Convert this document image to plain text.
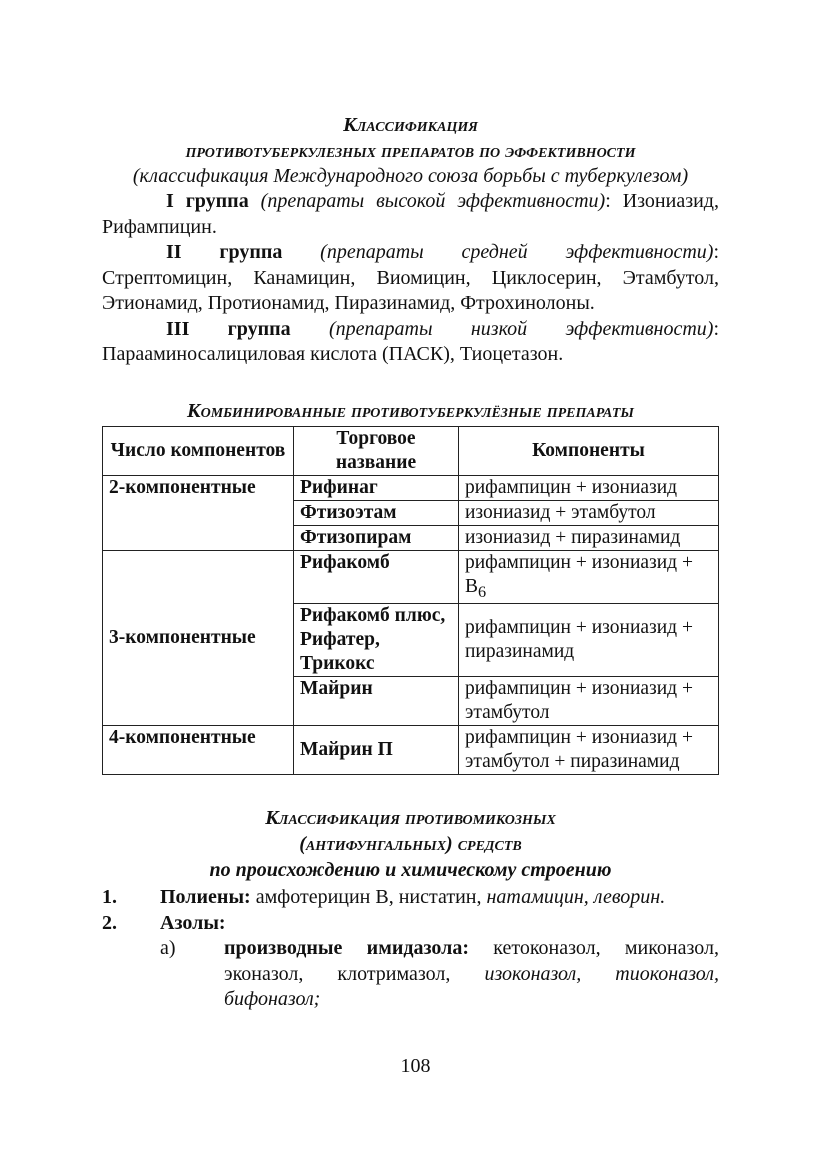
Классификация
противотуберкулезных препаратов по эффективности
(классификация Международного союза борьбы с туберкулезом)

I группа (препараты высокой эффективности): Изониазид, Рифампицин.

II группа (препараты средней эффективности): Стрептомицин, Канамицин, Виомицин, Циклосерин, Этамбутол, Этионамид, Протионамид, Пиразинамид, Фтрохинолоны.

III группа (препараты низкой эффективности): Парааминосалициловая кислота (ПАСК), Тиоцетазон.

Комбинированные противотуберкулёзные препараты
Число компонентов	Торговое название	Компоненты
2-компонентные	Рифинаг	рифампицин + изониазид
	Фтизоэтам	изониазид + этамбутол
	Фтизопирам	изониазид + пиразинамид
3-компонентные	Рифакомб	рифампицин + изониазид + $В_6$
	Рифакомб плюс, Рифатер, Трикокс	рифампицин + изониазид + пиразинамид
	Майрин	рифампицин + изониазид + этамбутол
4-компонентные	Майрин П	рифампицин + изониазид + этамбутол + пиразинамид
Классификация противомикозных
(антифунгальных) средств
по происхождению и химическому строению
1.	Полиены: амфотерицин В, нистатин, натамицин, леворин.
2.	Азолы:
а)	производные имидазола: кетоконазол, миконазол, эконазол, клотримазол, изоконазол, тиоконазол, бифоназол;
108
